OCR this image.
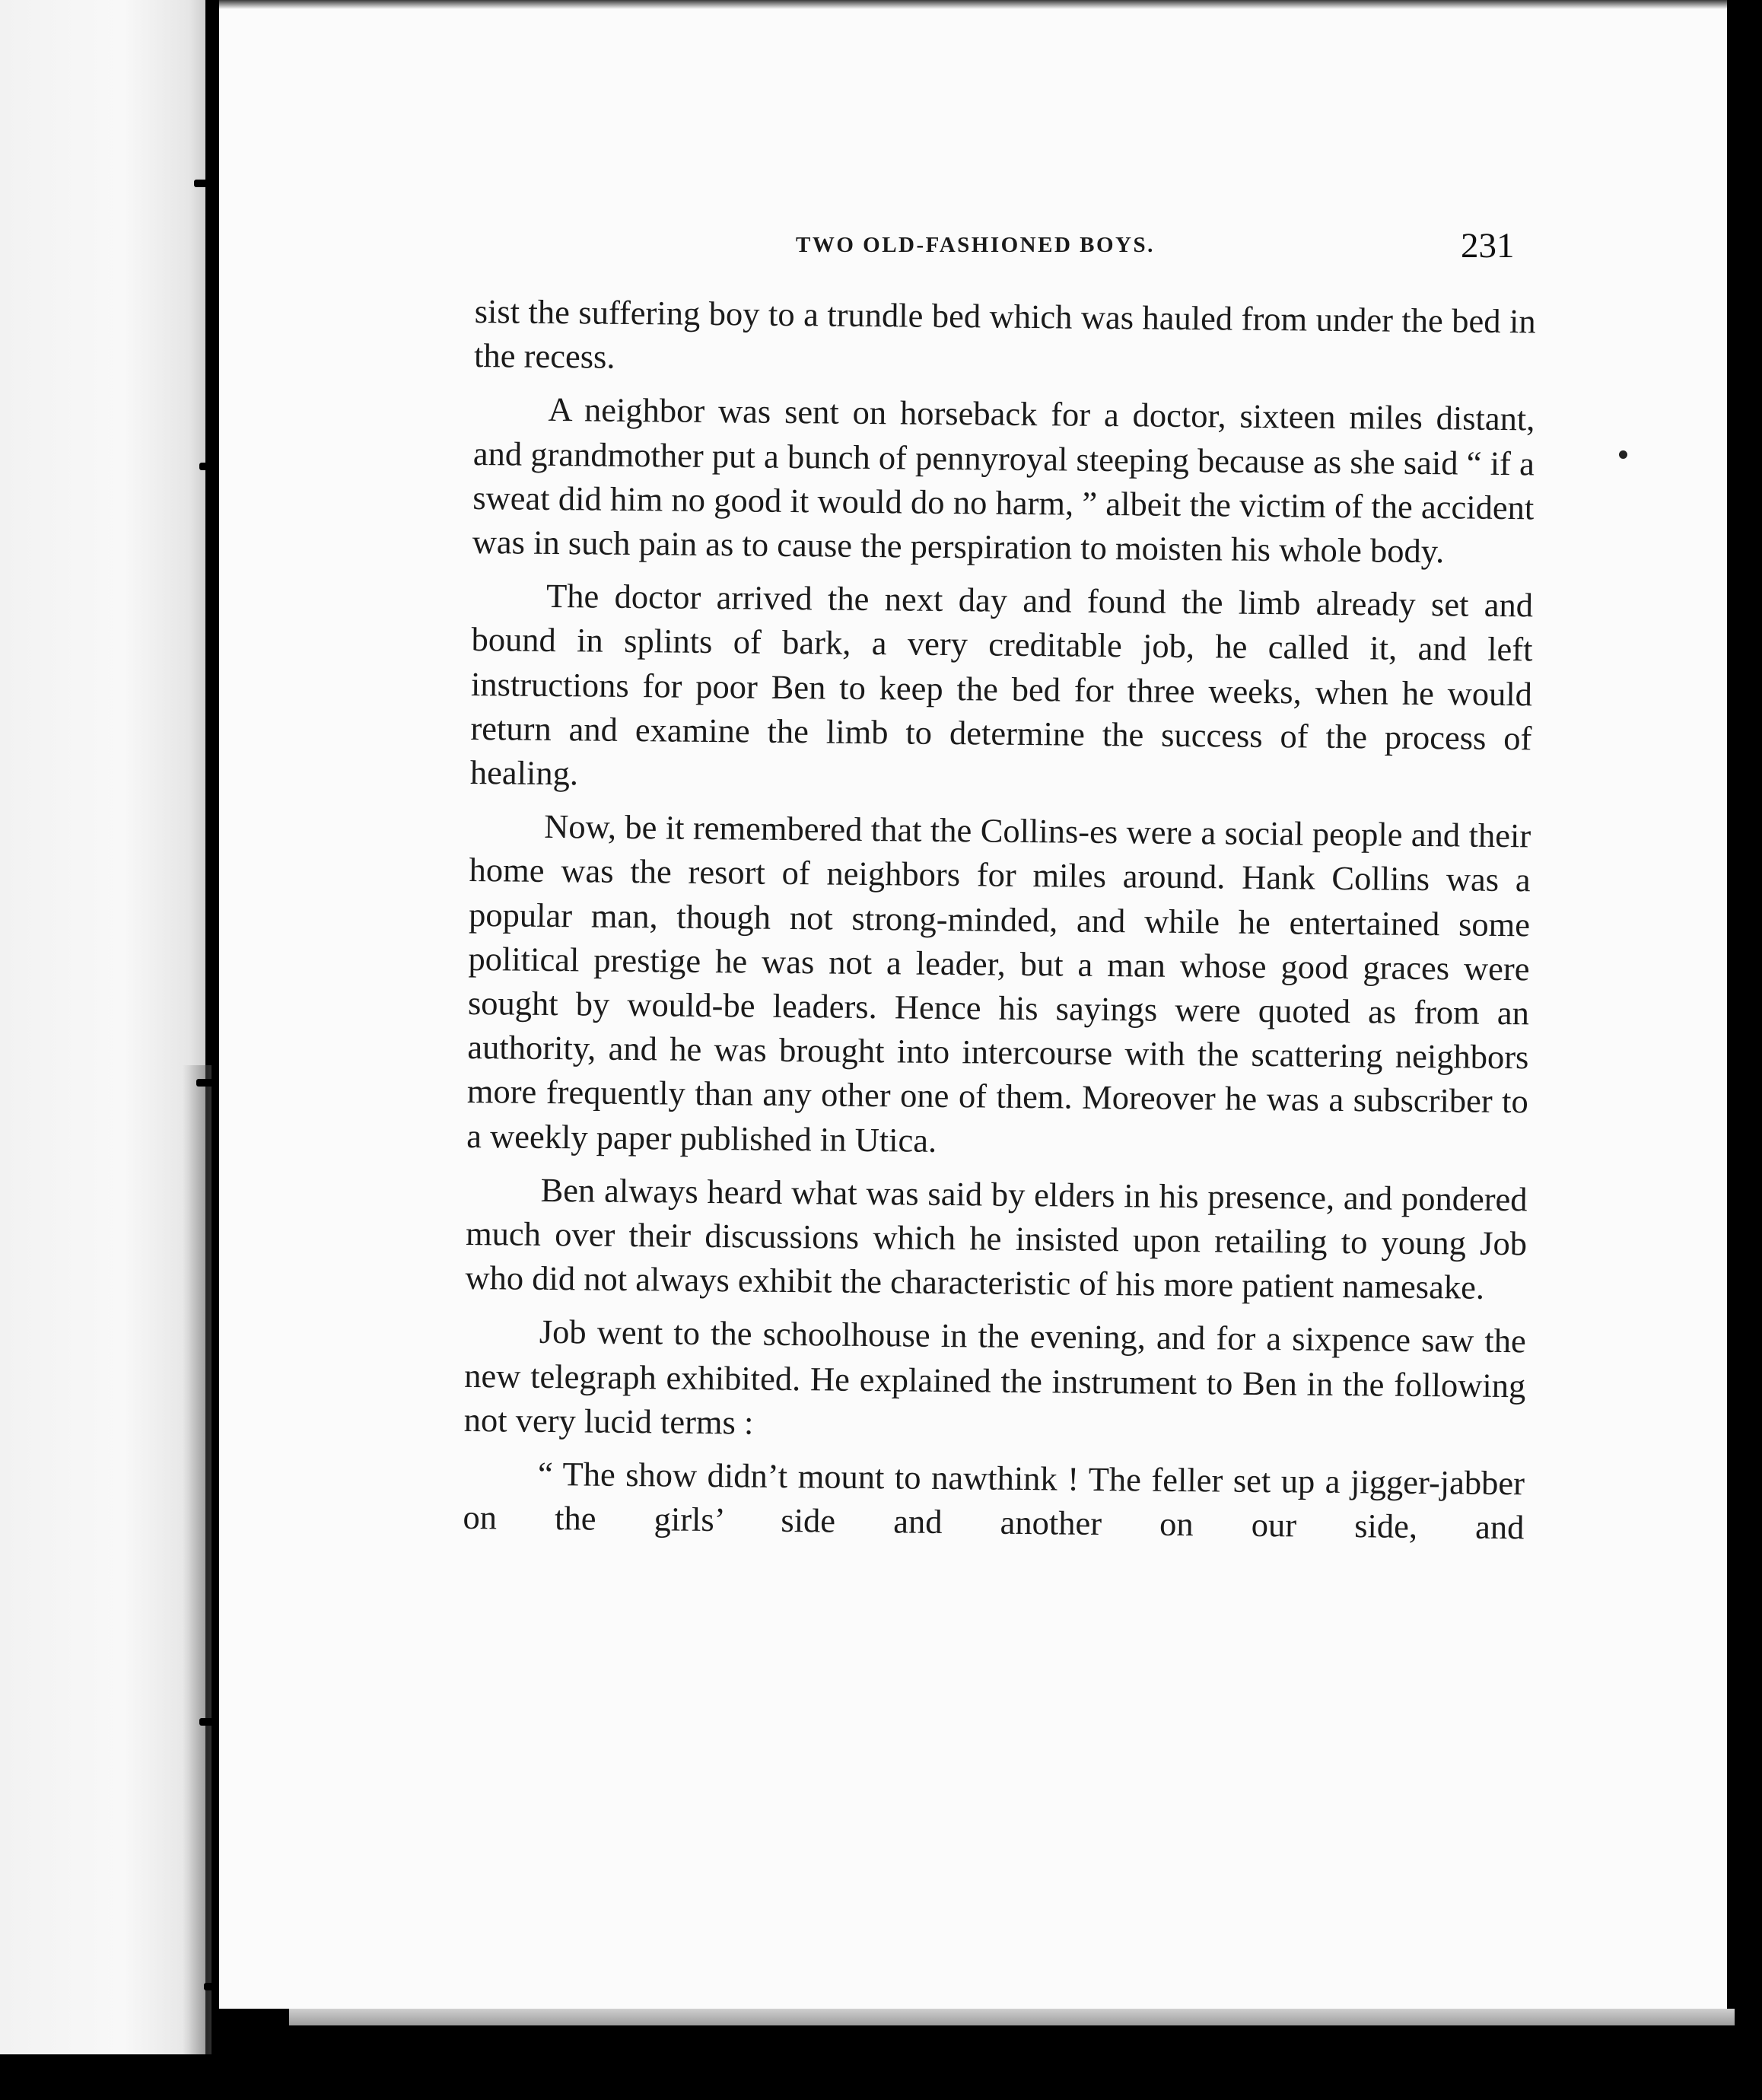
TWO OLD-FASHIONED BOYS.	231

sist the suffering boy to a trundle bed which was hauled from under the bed in the recess.

A neighbor was sent on horseback for a doctor, sixteen miles distant, and grandmother put a bunch of pennyroyal steeping because as she said “ if a sweat did him no good it would do no harm, ” albeit the victim of the accident was in such pain as to cause the perspiration to moisten his whole body.

The doctor arrived the next day and found the limb already set and bound in splints of bark, a very creditable job, he called it, and left instructions for poor Ben to keep the bed for three weeks, when he would return and examine the limb to determine the success of the process of healing.

Now, be it remembered that the Collins-es were a social people and their home was the resort of neighbors for miles around. Hank Collins was a popular man, though not strong-minded, and while he entertained some political prestige he was not a leader, but a man whose good graces were sought by would-be leaders. Hence his sayings were quoted as from an authority, and he was brought into intercourse with the scattering neighbors more frequently than any other one of them. Moreover he was a subscriber to a weekly paper published in Utica.

Ben always heard what was said by elders in his presence, and pondered much over their discussions which he insisted upon retailing to young Job who did not always exhibit the characteristic of his more patient namesake.

Job went to the schoolhouse in the evening, and for a sixpence saw the new telegraph exhibited. He explained the instrument to Ben in the following not very lucid terms :

“ The show didn’t mount to nawthink ! The feller set up a jigger-jabber on the girls’ side and another on our side, and
